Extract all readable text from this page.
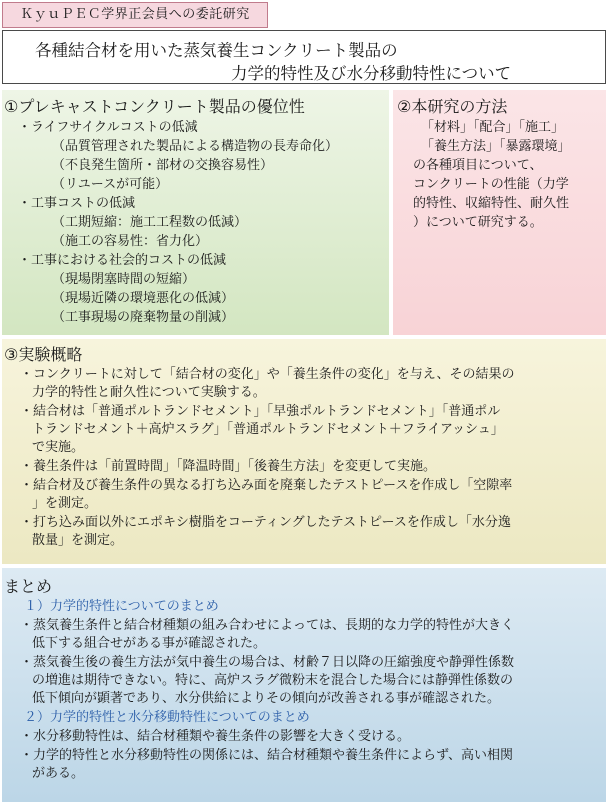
ＫｙｕＰＥＣ学界正会員への委託研究
各種結合材を用いた蒸気養生コンクリート製品の
力学的特性及び水分移動特性について
①プレキャストコンクリート製品の優位性
・ライフサイクルコストの低減
（品質管理された製品による構造物の長寿命化）
（不良発生箇所・部材の交換容易性）
（リユースが可能）
・工事コストの低減
（工期短縮：施工工程数の低減）
（施工の容易性：省力化）
・工事における社会的コストの低減
（現場閉塞時間の短縮）
（現場近隣の環境悪化の低減）
（工事現場の廃棄物量の削減）
②本研究の方法
「材料」「配合」「施工」
「養生方法」「暴露環境」
の各種項目について、
コンクリートの性能（力学
的特性、収縮特性、耐久性
）について研究する。
③実験概略
・コンクリートに対して「結合材の変化」や「養生条件の変化」を与え、その結果の
力学的特性と耐久性について実験する。
・結合材は「普通ポルトランドセメント」「早強ポルトランドセメント」「普通ポル
トランドセメント＋高炉スラグ」「普通ポルトランドセメント＋フライアッシュ」
で実施。
・養生条件は「前置時間」「降温時間」「後養生方法」を変更して実施。
・結合材及び養生条件の異なる打ち込み面を廃棄したテストピースを作成し「空隙率
」を測定。
・打ち込み面以外にエポキシ樹脂をコーティングしたテストピースを作成し「水分逸
散量」を測定。
まとめ
１）力学的特性についてのまとめ
・蒸気養生条件と結合材種類の組み合わせによっては、長期的な力学的特性が大きく
低下する組合せがある事が確認された。
・蒸気養生後の養生方法が気中養生の場合は、材齢７日以降の圧縮強度や静弾性係数
の増進は期待できない。特に、高炉スラグ微粉末を混合した場合には静弾性係数の
低下傾向が顕著であり、水分供給によりその傾向が改善される事が確認された。
２）力学的特性と水分移動特性についてのまとめ
・水分移動特性は、結合材種類や養生条件の影響を大きく受ける。
・力学的特性と水分移動特性の関係には、結合材種類や養生条件によらず、高い相関
がある。
